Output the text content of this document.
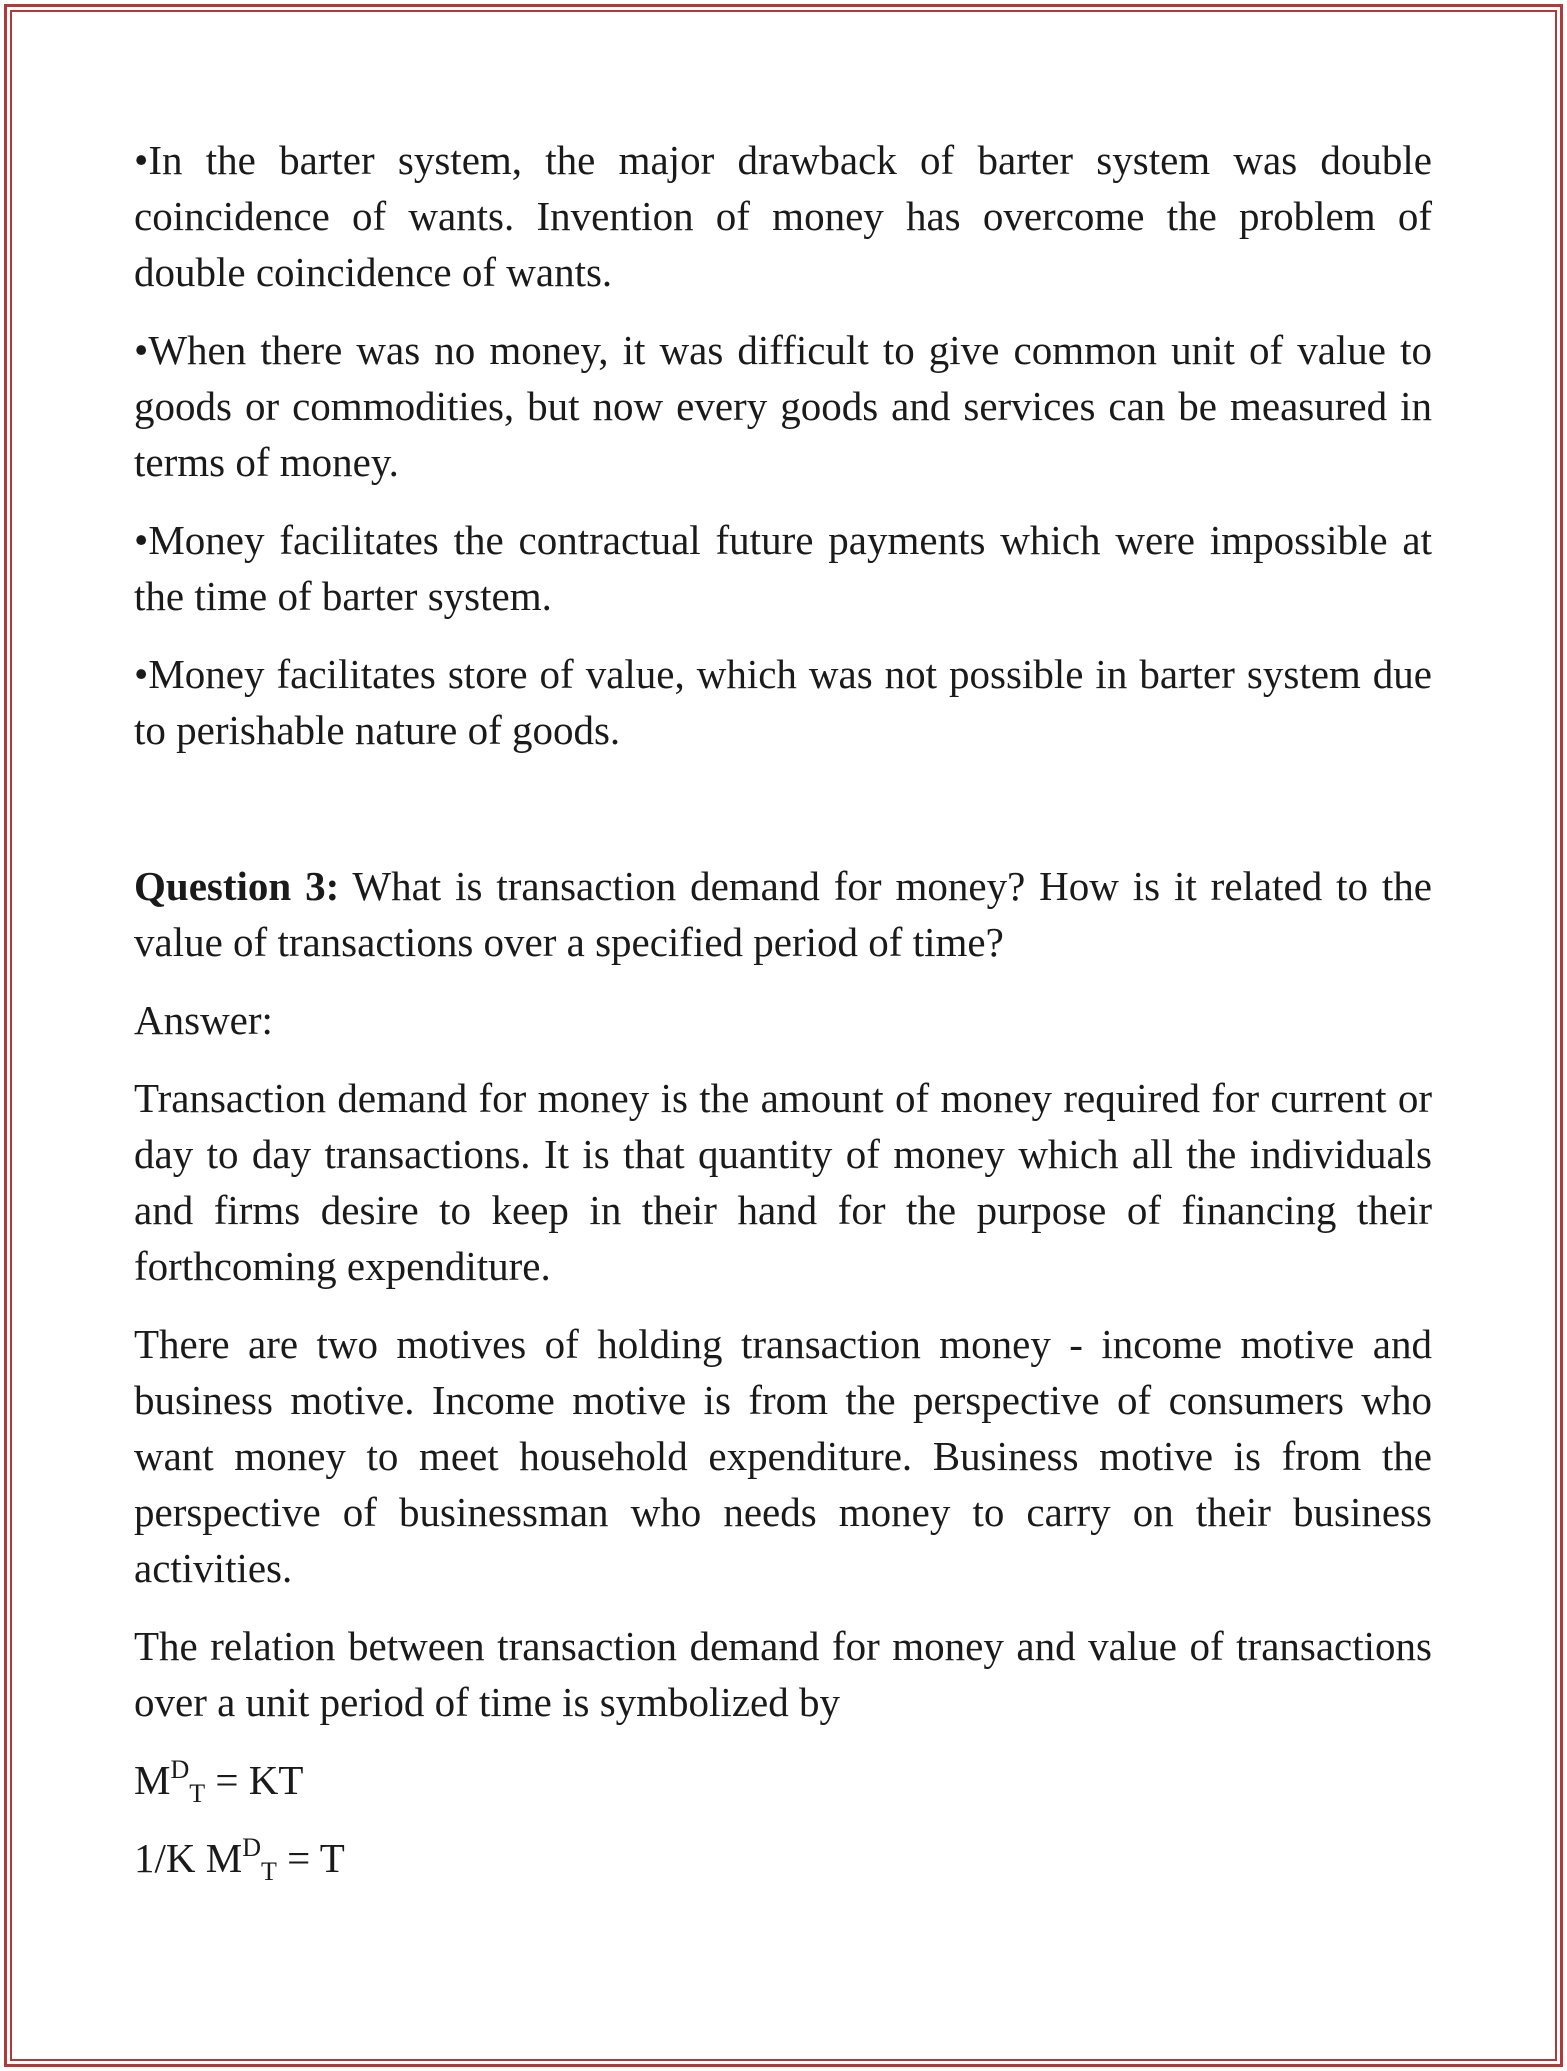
•In the barter system, the major drawback of barter system was double coincidence of wants. Invention of money has overcome the problem of double coincidence of wants.

•When there was no money, it was difficult to give common unit of value to goods or commodities, but now every goods and services can be measured in terms of money.

•Money facilitates the contractual future payments which were impossible at the time of barter system.

•Money facilitates store of value, which was not possible in barter system due to perishable nature of goods.

Question 3: What is transaction demand for money? How is it related to the value of transactions over a specified period of time?

Answer:

Transaction demand for money is the amount of money required for current or day to day transactions. It is that quantity of money which all the individuals and firms desire to keep in their hand for the purpose of financing their forthcoming expenditure.

There are two motives of holding transaction money - income motive and business motive. Income motive is from the perspective of consumers who want money to meet household expenditure. Business motive is from the perspective of businessman who needs money to carry on their business activities.

The relation between transaction demand for money and value of transactions over a unit period of time is symbolized by

$M^D_T$ = KT

1/K $M^D_T = T$
